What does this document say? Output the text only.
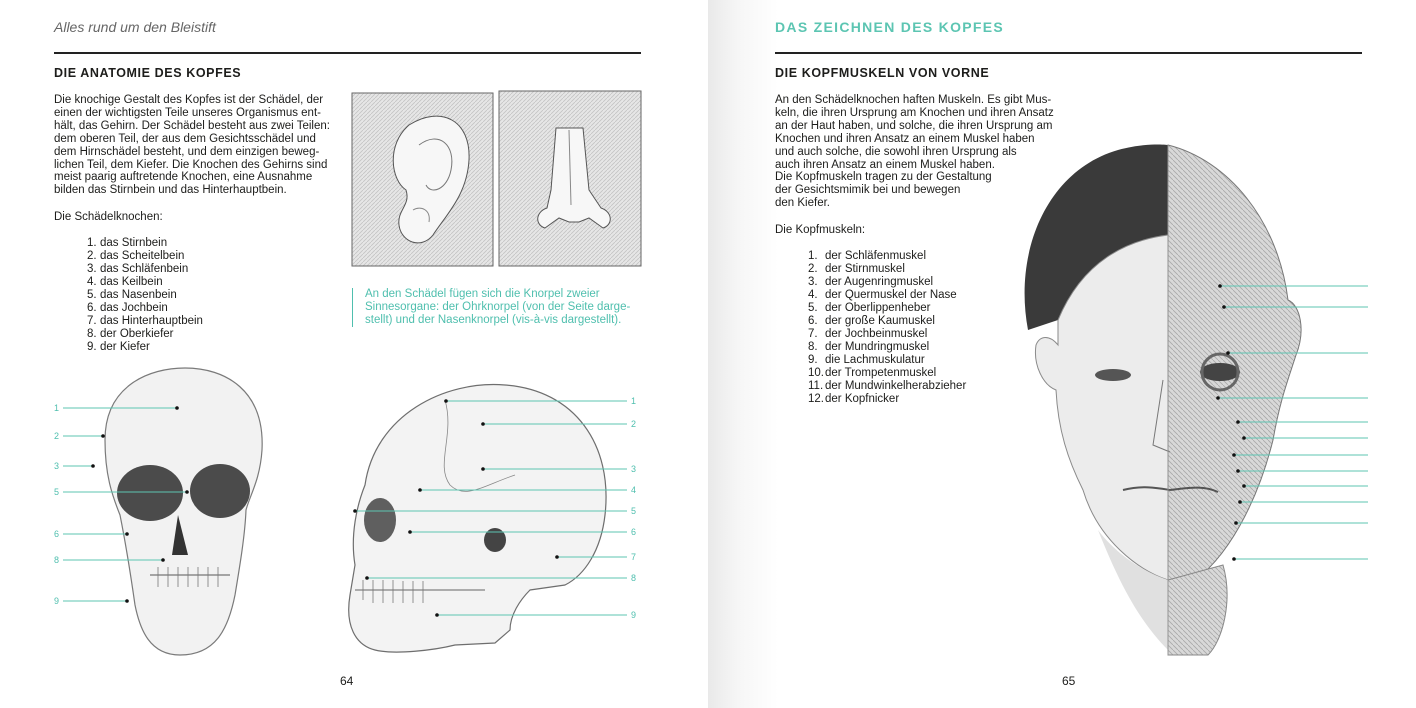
Alles rund um den Bleistift
DIE ANATOMIE DES KOPFES
Die knochige Gestalt des Kopfes ist der Schädel, der
einen der wichtigsten Teile unseres Organismus ent-
hält, das Gehirn. Der Schädel besteht aus zwei Teilen:
dem oberen Teil, der aus dem Gesichtsschädel und
dem Hirnschädel besteht, und dem einzigen beweg-
lichen Teil, dem Kiefer. Die Knochen des Gehirns sind
meist paarig auftretende Knochen, eine Ausnahme
bilden das Stirnbein und das Hinterhauptbein.
Die Schädelknochen:
1. das Stirnbein
2. das Scheitelbein
3. das Schläfenbein
4. das Keilbein
5. das Nasenbein
6. das Jochbein
7. das Hinterhauptbein
8. der Oberkiefer
9. der Kiefer
An den Schädel fügen sich die Knorpel zweier
Sinnesorgane: der Ohrknorpel (von der Seite darge-
stellt) und der Nasenknorpel (vis-à-vis dargestellt).
1
2
3
5
6
8
9
1
2
3
4
5
6
7
8
9
64
DAS ZEICHNEN DES KOPFES
DIE KOPFMUSKELN VON VORNE
An den Schädelknochen haften Muskeln. Es gibt Mus-
keln, die ihren Ursprung am Knochen und ihren Ansatz
an der Haut haben, und solche, die ihren Ursprung am
Knochen und ihren Ansatz an einem Muskel haben
und auch solche, die sowohl ihren Ursprung als
auch ihren Ansatz an einem Muskel haben.
Die Kopfmuskeln tragen zu der Gestaltung
der Gesichtsmimik bei und bewegen
den Kiefer.
Die Kopfmuskeln:
1. der Schläfenmuskel
2. der Stirnmuskel
3. der Augenringmuskel
4. der Quermuskel der Nase
5. der Oberlippenheber
6. der große Kaumuskel
7. der Jochbeinmuskel
8. der Mundringmuskel
9. die Lachmuskulatur
10.der Trompetenmuskel
11. der Mundwinkelherabzieher
12.der Kopfnicker
65
